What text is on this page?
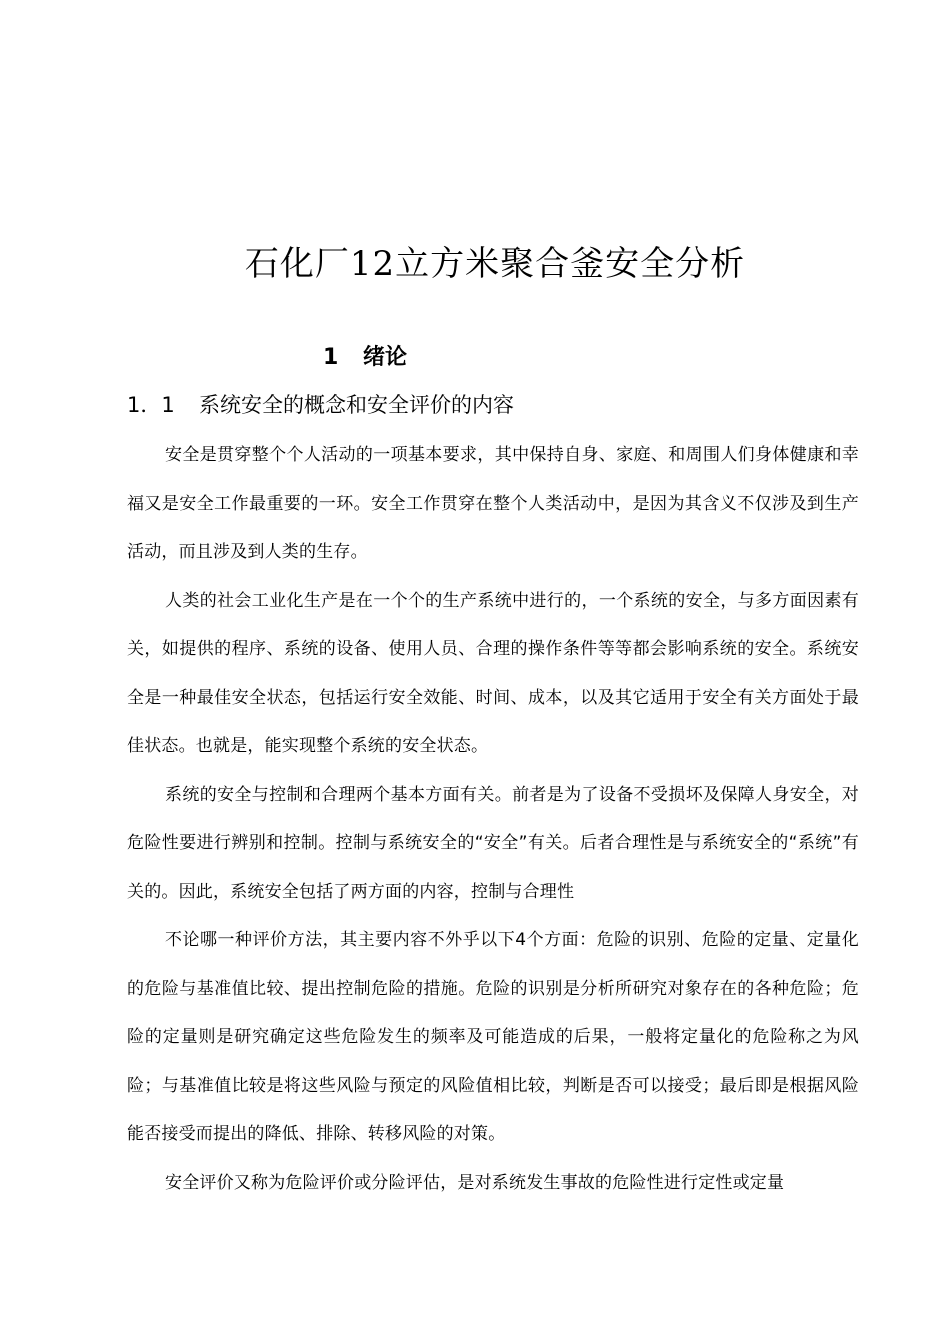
石化厂12立方米聚合釜安全分析
1 绪论
1．1 系统安全的概念和安全评价的内容

安全是贯穿整个个人活动的一项基本要求，其中保持自身、家庭、和周围人们身体健康和幸福又是安全工作最重要的一环。安全工作贯穿在整个人类活动中，是因为其含义不仅涉及到生产活动，而且涉及到人类的生存。

人类的社会工业化生产是在一个个的生产系统中进行的，一个系统的安全，与多方面因素有关，如提供的程序、系统的设备、使用人员、合理的操作条件等等都会影响系统的安全。系统安全是一种最佳安全状态，包括运行安全效能、时间、成本，以及其它适用于安全有关方面处于最佳状态。也就是，能实现整个系统的安全状态。

系统的安全与控制和合理两个基本方面有关。前者是为了设备不受损坏及保障人身安全，对危险性要进行辨别和控制。控制与系统安全的“安全”有关。后者合理性是与系统安全的“系统”有关的。因此，系统安全包括了两方面的内容，控制与合理性

不论哪一种评价方法，其主要内容不外乎以下4个方面：危险的识别、危险的定量、定量化的危险与基准值比较、提出控制危险的措施。危险的识别是分析所研究对象存在的各种危险；危险的定量则是研究确定这些危险发生的频率及可能造成的后果，一般将定量化的危险称之为风险；与基准值比较是将这些风险与预定的风险值相比较，判断是否可以接受；最后即是根据风险能否接受而提出的降低、排除、转移风险的对策。

安全评价又称为危险评价或分险评估，是对系统发生事故的危险性进行定性或定量
